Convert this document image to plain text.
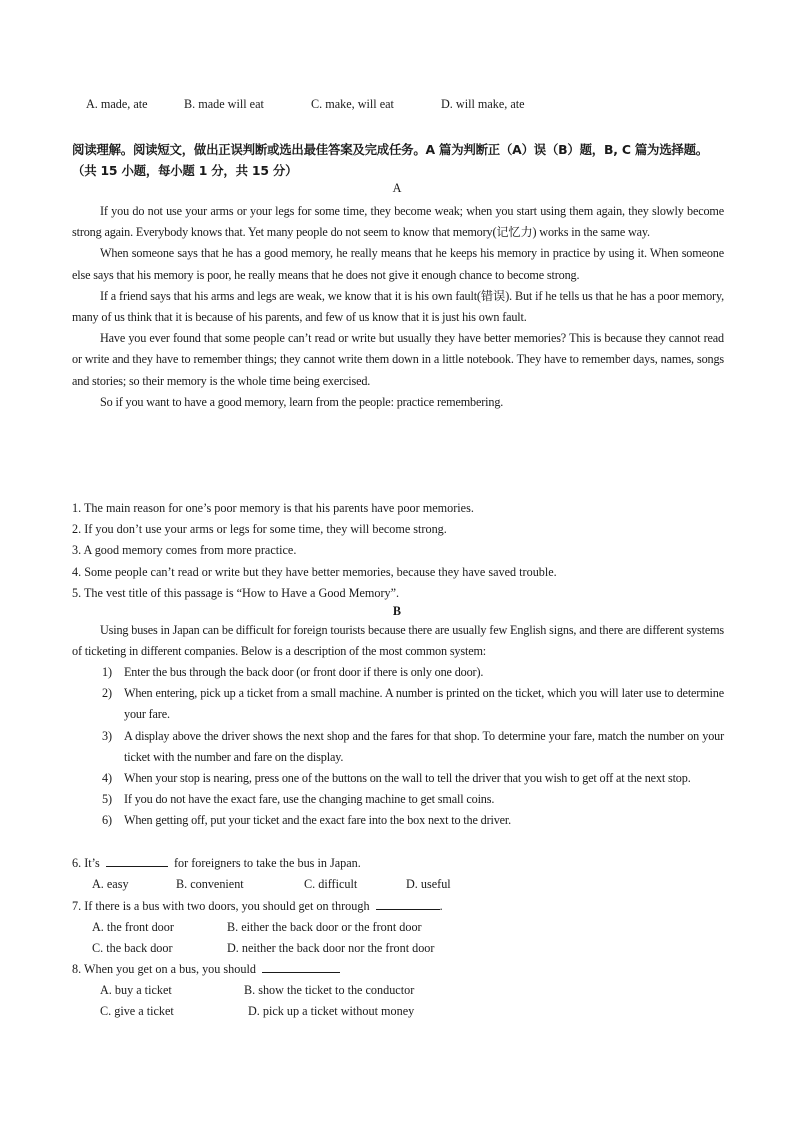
A. made, ate	B. made will eat	C. make, will eat	D. will make, ate
阅读理解。阅读短文，做出正误判断或选出最佳答案及完成任务。A 篇为判断正（A）误（B）题，B, C 篇为选择题。（共 15 小题，每小题 1 分，共 15 分）
A

If you do not use your arms or your legs for some time, they become weak; when you start using them again, they slowly become strong again. Everybody knows that. Yet many people do not seem to know that memory(记忆力) works in the same way.

When someone says that he has a good memory, he really means that he keeps his memory in practice by using it. When someone else says that his memory is poor, he really means that he does not give it enough chance to become strong.

If a friend says that his arms and legs are weak, we know that it is his own fault(错误). But if he tells us that he has a poor memory, many of us think that it is because of his parents, and few of us know that it is just his own fault.

Have you ever found that some people can’t read or write but usually they have better memories? This is because they cannot read or write and they have to remember things; they cannot write them down in a little notebook. They have to remember days, names, songs and stories; so their memory is the whole time being exercised.

So if you want to have a good memory, learn from the people: practice remembering.

1. The main reason for one’s poor memory is that his parents have poor memories.
2. If you don’t use your arms or legs for some time, they will become strong.
3. A good memory comes from more practice.
4. Some people can’t read or write but they have better memories, because they have saved trouble.
5. The vest title of this passage is “How to Have a Good Memory”.
B

Using buses in Japan can be difficult for foreign tourists because there are usually few English signs, and there are different systems of ticketing in different companies. Below is a description of the most common system:

1) Enter the bus through the back door (or front door if there is only one door).
2) When entering, pick up a ticket from a small machine. A number is printed on the ticket, which you will later use to determine your fare.
3) A display above the driver shows the next shop and the fares for that shop. To determine your fare, match the number on your ticket with the number and fare on the display.
4) When your stop is nearing, press one of the buttons on the wall to tell the driver that you wish to get off at the next stop.
5) If you do not have the exact fare, use the changing machine to get small coins.
6) When getting off, put your ticket and the exact fare into the box next to the driver.
6. It’s	for foreigners to take the bus in Japan.
A. easy	B. convenient	C. difficult	D. useful
7. If there is a bus with two doors, you should get on through	.
A. the front door	B. either the back door or the front door
C. the back door	D. neither the back door nor the front door
8. When you get on a bus, you should
A. buy a ticket	B. show the ticket to the conductor
C. give a ticket	D. pick up a ticket without money
